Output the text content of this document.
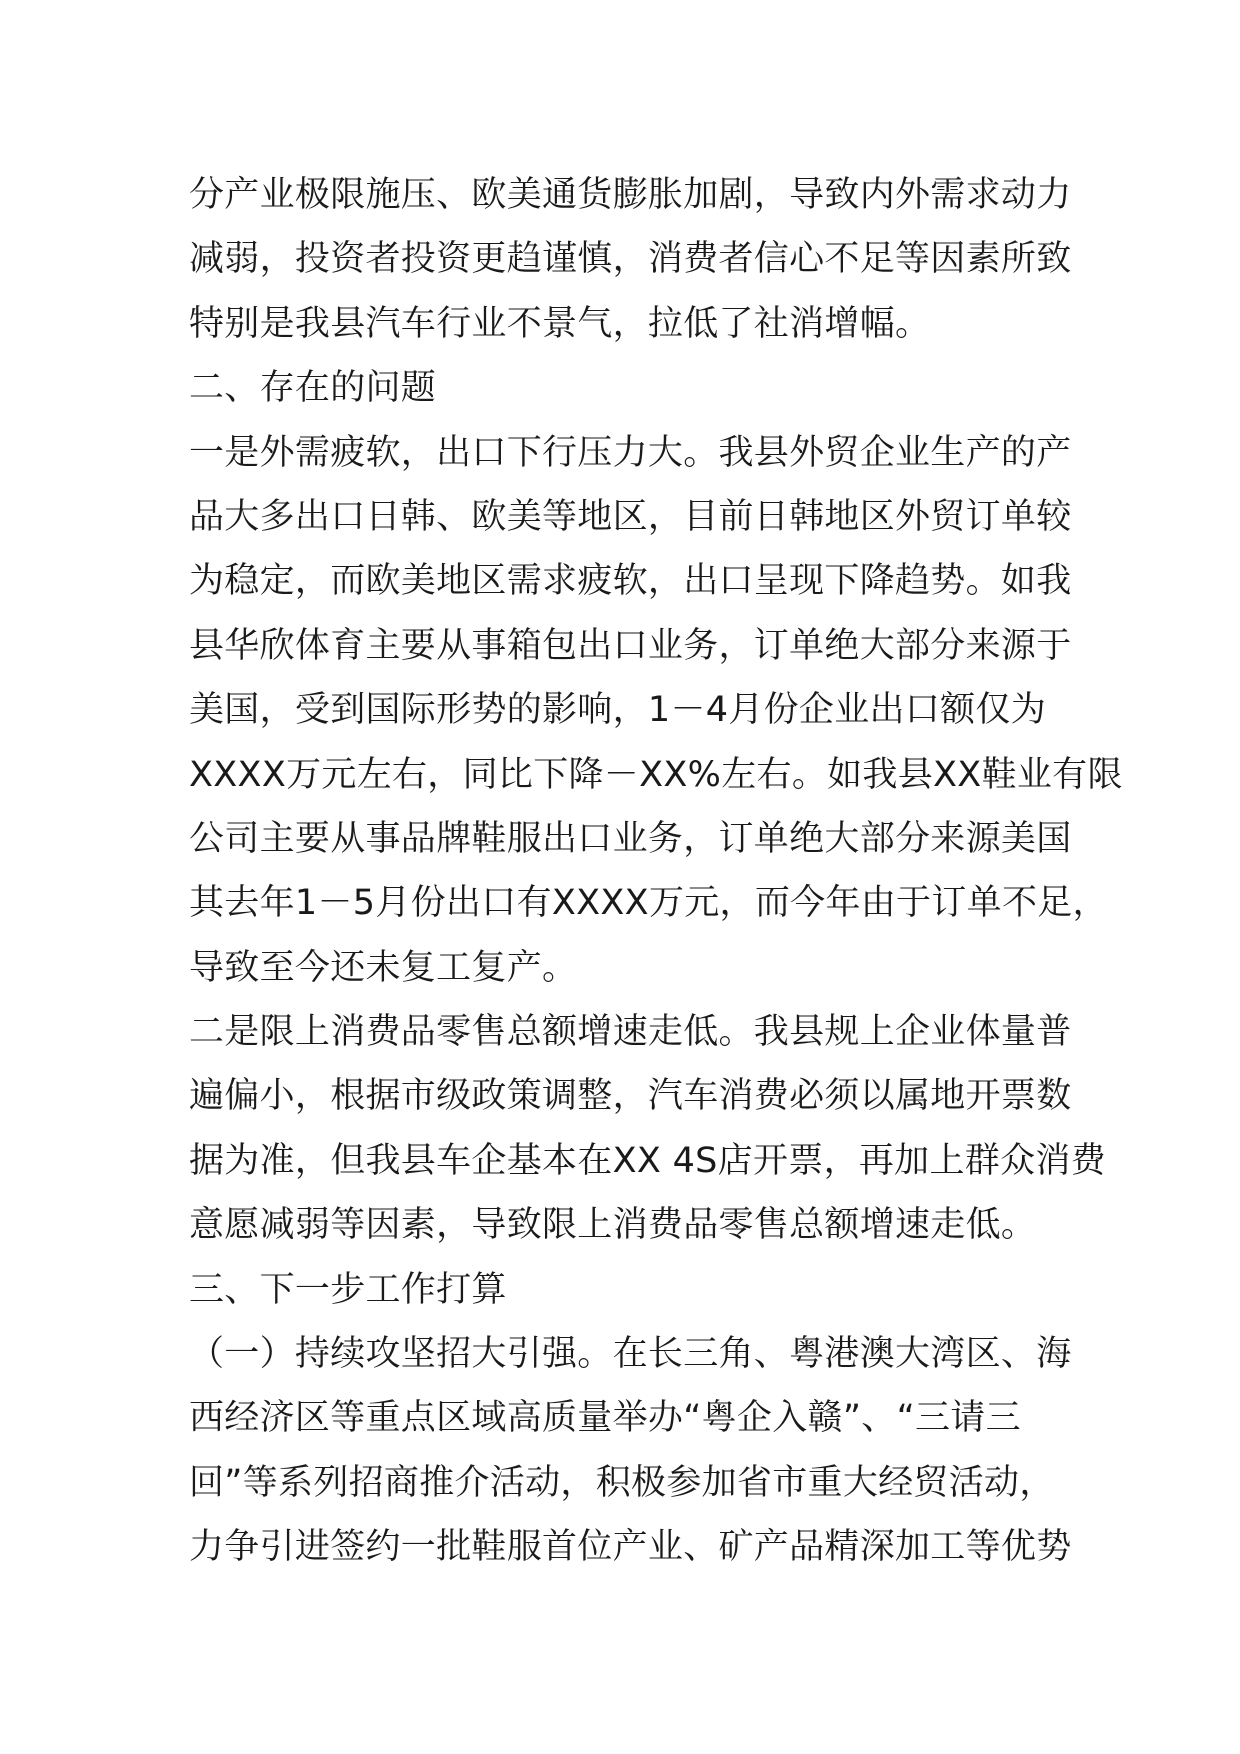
分产业极限施压、欧美通货膨胀加剧，导致内外需求动力
减弱，投资者投资更趋谨慎，消费者信心不足等因素所致
特别是我县汽车行业不景气，拉低了社消增幅。
二、存在的问题
一是外需疲软，出口下行压力大。我县外贸企业生产的产
品大多出口日韩、欧美等地区，目前日韩地区外贸订单较
为稳定，而欧美地区需求疲软，出口呈现下降趋势。如我
县华欣体育主要从事箱包出口业务，订单绝大部分来源于
美国，受到国际形势的影响，1－4月份企业出口额仅为
XXXX万元左右，同比下降－XX%左右。如我县XX鞋业有限
公司主要从事品牌鞋服出口业务，订单绝大部分来源美国
其去年1－5月份出口有XXXX万元，而今年由于订单不足，
导致至今还未复工复产。
二是限上消费品零售总额增速走低。我县规上企业体量普
遍偏小，根据市级政策调整，汽车消费必须以属地开票数
据为准，但我县车企基本在XX 4S店开票，再加上群众消费
意愿减弱等因素，导致限上消费品零售总额增速走低。
三、下一步工作打算
（一）持续攻坚招大引强。在长三角、粤港澳大湾区、海
西经济区等重点区域高质量举办“粤企入赣”、“三请三
回”等系列招商推介活动，积极参加省市重大经贸活动，
力争引进签约一批鞋服首位产业、矿产品精深加工等优势
